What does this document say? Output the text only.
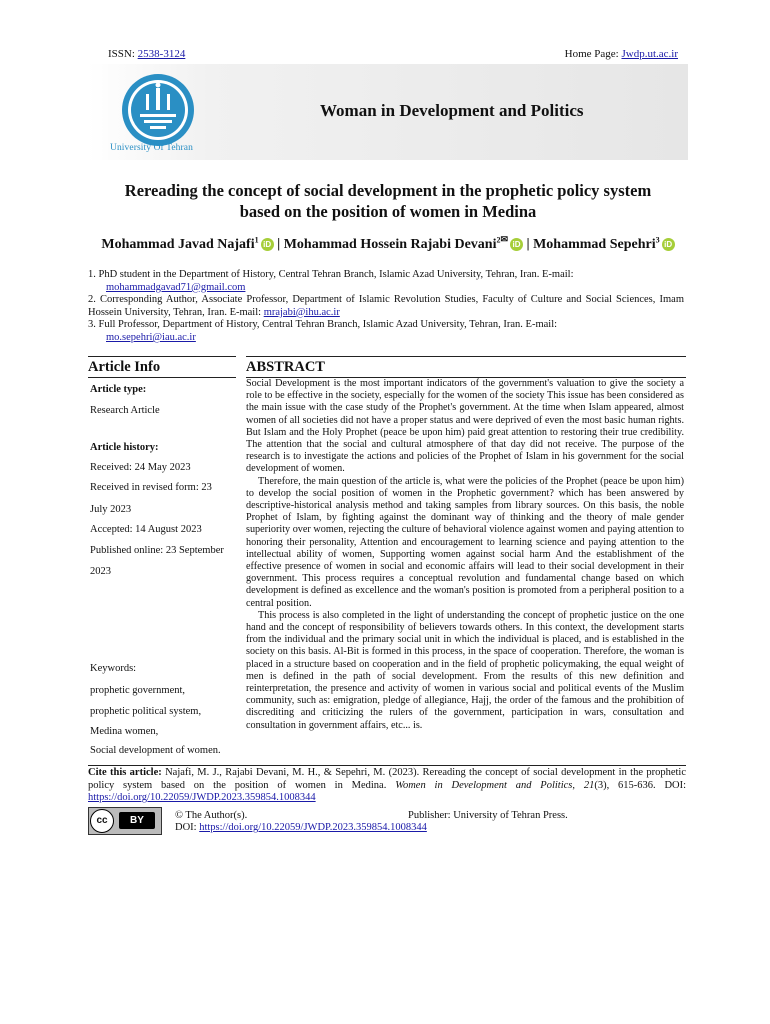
ISSN: 2538-3124	Home Page: Jwdp.ut.ac.ir
University Of Tehran
Woman in Development and Politics
Rereading the concept of social development in the prophetic policy system
based on the position of women in Medina
Mohammad Javad Najafi$^1$iD | Mohammad Hossein Rajabi Devani$^{2✉}$iD | Mohammad Sepehri$^3$iD

1. PhD student in the Department of History, Central Tehran Branch, Islamic Azad University, Tehran, Iran. E-mail:
mohammadgavad71@gmail.com

2. Corresponding Author, Associate Professor, Department of Islamic Revolution Studies, Faculty of Culture and Social Sciences, Imam Hossein University, Tehran, Iran. E-mail: mrajabi@ihu.ac.ir

3. Full Professor, Department of History, Central Tehran Branch, Islamic Azad University, Tehran, Iran. E-mail:
mo.sepehri@iau.ac.ir

Article Info	ABSTRACT
Article type:
Research Article
Article history:
Received: 24 May 2023
Received in revised form: 23
July 2023
Accepted: 14 August 2023
Published online: 23 September
2023
Keywords:
prophetic government,
prophetic political system,
Medina women,
Social development of women.

Social Development is the most important indicators of the government's valuation to give the society a role to be effective in the society, especially for the women of the society This issue has been considered as the main issue with the case study of the Prophet's government. At the time when Islam appeared, almost women of all societies did not have a proper status and were deprived of even the most basic human rights. But Islam and the Holy Prophet (peace be upon him) paid great attention to restoring their true credibility. The attention that the social and cultural atmosphere of that day did not receive. The purpose of the research is to investigate the actions and policies of the Prophet of Islam in his government for the social development of women.

Therefore, the main question of the article is, what were the policies of the Prophet (peace be upon him) to develop the social position of women in the Prophetic government? which has been answered by descriptive-historical analysis method and taking samples from library sources. On this basis, the noble Prophet of Islam, by fighting against the dominant way of thinking and the theory of male gender superiority over women, rejecting the culture of behavioral violence against women and paying attention to honoring their personality, Attention and encouragement to learning science and paying attention to the intellectual ability of women, Supporting women against social harm And the establishment of the effective presence of women in social and economic affairs will lead to their social development in their government. This process requires a conceptual revolution and fundamental change based on which development is defined as excellence and the woman's position is promoted from a peripheral position to a central position.

This process is also completed in the light of understanding the concept of prophetic justice on the one hand and the concept of responsibility of believers towards others. In this context, the development starts from the individual and the primary social unit in which the individual is placed, and is established in the society on this basis. Al-Bit is formed in this process, in the space of cooperation. Therefore, the woman is placed in a structure based on cooperation and in the field of prophetic policymaking, the equal weight of men is defined in the path of social development. From the results of this new definition and reinterpretation, the presence and activity of women in various social and political events of the Muslim community, such as: emigration, pledge of allegiance, Hajj, the order of the famous and the prohibition of discrediting and criticizing the rulers of the government, participation in wars, consultation and consultation in government affairs, etc... is.

Cite this article: Najafi, M. J., Rajabi Devani, M. H., & Sepehri, M. (2023). Rereading the concept of social development in the prophetic policy system based on the position of women in Medina. Women in Development and Politics, 21(3), 615-636. DOI: https://doi.org/10.22059/JWDP.2023.359854.1008344
cc	BY	© The Author(s).	Publisher: University of Tehran Press.
DOI: https://doi.org/10.22059/JWDP.2023.359854.1008344
